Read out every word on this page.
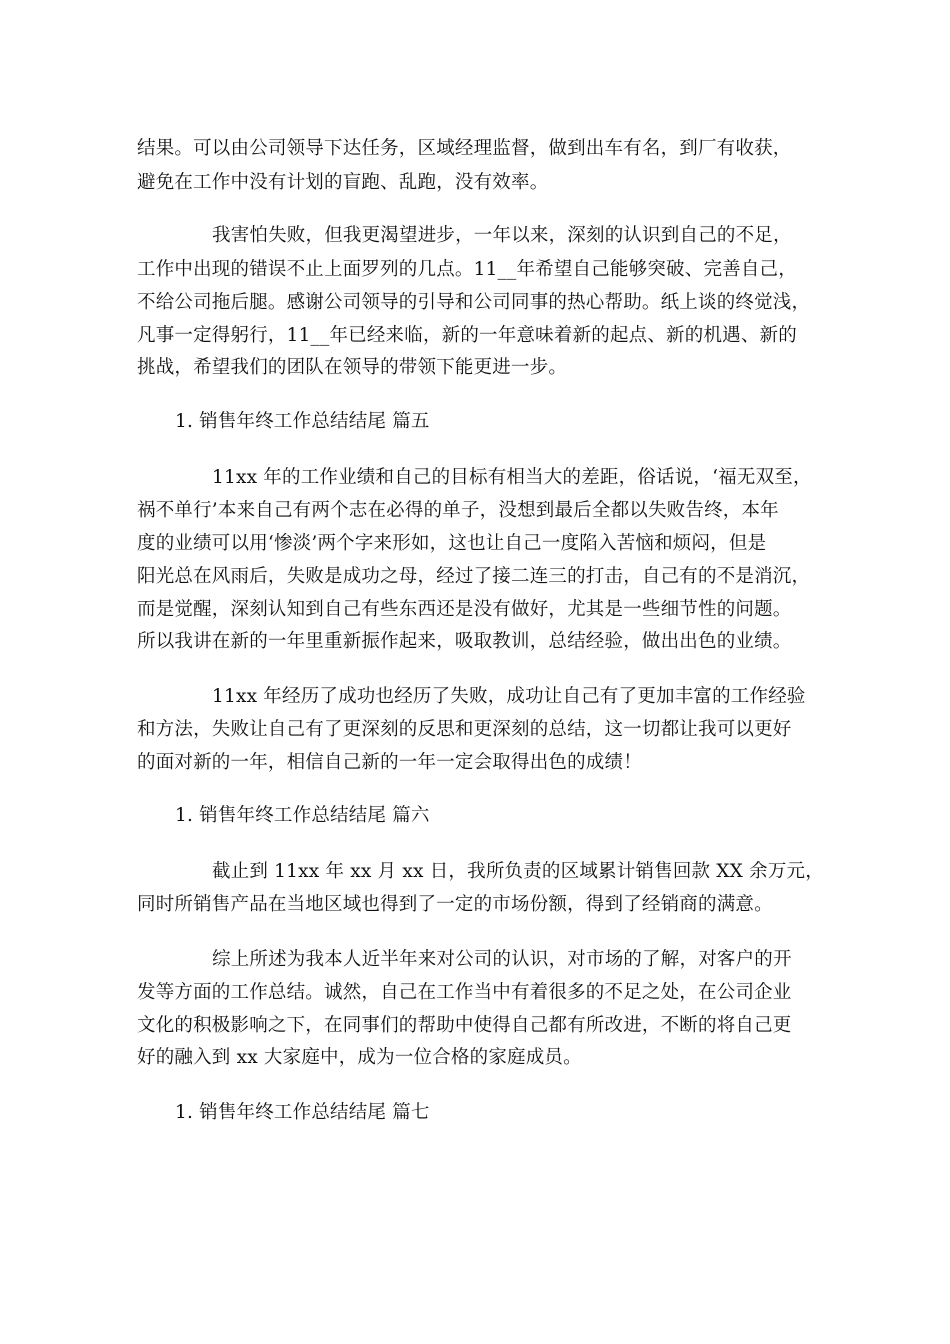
结果。可以由公司领导下达任务，区域经理监督，做到出车有名，到厂有收获，
避免在工作中没有计划的盲跑、乱跑，没有效率。
我害怕失败，但我更渴望进步，一年以来，深刻的认识到自己的不足，
工作中出现的错误不止上面罗列的几点。11__年希望自己能够突破、完善自己，
不给公司拖后腿。感谢公司领导的引导和公司同事的热心帮助。纸上谈的终觉浅，
凡事一定得躬行，11__年已经来临，新的一年意味着新的起点、新的机遇、新的
挑战，希望我们的团队在领导的带领下能更进一步。
1. 销售年终工作总结结尾 篇五
11xx 年的工作业绩和自己的目标有相当大的差距，俗话说，‘福无双至，
祸不单行’本来自己有两个志在必得的单子，没想到最后全都以失败告终，本年
度的业绩可以用‘惨淡’两个字来形如，这也让自己一度陷入苦恼和烦闷，但是
阳光总在风雨后，失败是成功之母，经过了接二连三的打击，自己有的不是消沉，
而是觉醒，深刻认知到自己有些东西还是没有做好，尤其是一些细节性的问题。
所以我讲在新的一年里重新振作起来，吸取教训，总结经验，做出出色的业绩。
11xx 年经历了成功也经历了失败，成功让自己有了更加丰富的工作经验
和方法，失败让自己有了更深刻的反思和更深刻的总结，这一切都让我可以更好
的面对新的一年，相信自己新的一年一定会取得出色的成绩！
1. 销售年终工作总结结尾 篇六
截止到 11xx 年 xx 月 xx 日，我所负责的区域累计销售回款 XX 余万元，
同时所销售产品在当地区域也得到了一定的市场份额，得到了经销商的满意。
综上所述为我本人近半年来对公司的认识，对市场的了解，对客户的开
发等方面的工作总结。诚然，自己在工作当中有着很多的不足之处，在公司企业
文化的积极影响之下，在同事们的帮助中使得自己都有所改进，不断的将自己更
好的融入到 xx 大家庭中，成为一位合格的家庭成员。
1. 销售年终工作总结结尾 篇七
